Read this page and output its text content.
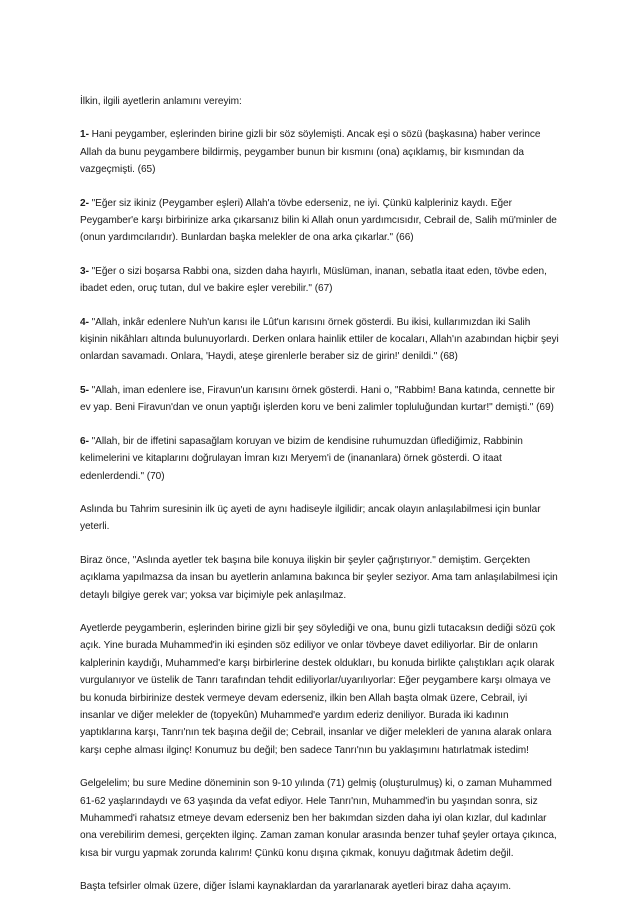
İlkin, ilgili ayetlerin anlamını vereyim:

1- Hani peygamber, eşlerinden birine gizli bir söz söylemişti. Ancak eşi o sözü (başkasına) haber verince Allah da bunu peygambere bildirmiş, peygamber bunun bir kısmını (ona) açıklamış, bir kısmından da vazgeçmişti. (65)

2- "Eğer siz ikiniz (Peygamber eşleri) Allah'a tövbe ederseniz, ne iyi. Çünkü kalpleriniz kaydı. Eğer Peygamber'e karşı birbirinize arka çıkarsanız bilin ki Allah onun yardımcısıdır, Cebrail de, Salih mü'minler de (onun yardımcılarıdır). Bunlardan başka melekler de ona arka çıkarlar." (66)

3- "Eğer o sizi boşarsa Rabbi ona, sizden daha hayırlı, Müslüman, inanan, sebatla itaat eden, tövbe eden, ibadet eden, oruç tutan, dul ve bakire eşler verebilir." (67)

4- "Allah, inkâr edenlere Nuh'un karısı ile Lût'un karısını örnek gösterdi. Bu ikisi, kullarımızdan iki Salih kişinin nikâhları altında bulunuyorlardı. Derken onlara hainlik ettiler de kocaları, Allah'ın azabından hiçbir şeyi onlardan savamadı. Onlara, 'Haydi, ateşe girenlerle beraber siz de girin!' denildi." (68)

5- "Allah, iman edenlere ise, Firavun'un karısını örnek gösterdi. Hani o, "Rabbim! Bana katında, cennette bir ev yap. Beni Firavun'dan ve onun yaptığı işlerden koru ve beni zalimler topluluğundan kurtar!" demişti." (69)

6- "Allah, bir de iffetini sapasağlam koruyan ve bizim de kendisine ruhumuzdan üflediğimiz, Rabbinin kelimelerini ve kitaplarını doğrulayan İmran kızı Meryem'i de (inananlara) örnek gösterdi. O itaat edenlerdendi." (70)

Aslında bu Tahrim suresinin ilk üç ayeti de aynı hadiseyle ilgilidir; ancak olayın anlaşılabilmesi için bunlar yeterli.

Biraz önce, "Aslında ayetler tek başına bile konuya ilişkin bir şeyler çağrıştırıyor." demiştim. Gerçekten açıklama yapılmazsa da insan bu ayetlerin anlamına bakınca bir şeyler seziyor. Ama tam anlaşılabilmesi için detaylı bilgiye gerek var; yoksa var biçimiyle pek anlaşılmaz.

Ayetlerde peygamberin, eşlerinden birine gizli bir şey söylediği ve ona, bunu gizli tutacaksın dediği sözü çok açık. Yine burada Muhammed'in iki eşinden söz ediliyor ve onlar tövbeye davet ediliyorlar. Bir de onların kalplerinin kaydığı, Muhammed'e karşı birbirlerine destek oldukları, bu konuda birlikte çalıştıkları açık olarak vurgulanıyor ve üstelik de Tanrı tarafından tehdit ediliyorlar/uyarılıyorlar: Eğer peygambere karşı olmaya ve bu konuda birbirinize destek vermeye devam ederseniz, ilkin ben Allah başta olmak üzere, Cebrail, iyi insanlar ve diğer melekler de (topyekûn) Muhammed'e yardım ederiz deniliyor. Burada iki kadının yaptıklarına karşı, Tanrı'nın tek başına değil de; Cebrail, insanlar ve diğer melekleri de yanına alarak onlara karşı cephe alması ilginç! Konumuz bu değil; ben sadece Tanrı'nın bu yaklaşımını hatırlatmak istedim!

Gelgelelim; bu sure Medine döneminin son 9-10 yılında (71) gelmiş (oluşturulmuş) ki, o zaman Muhammed 61-62 yaşlarındaydı ve 63 yaşında da vefat ediyor. Hele Tanrı'nın, Muhammed'in bu yaşından sonra, siz Muhammed'i rahatsız etmeye devam ederseniz ben her bakımdan sizden daha iyi olan kızlar, dul kadınlar ona verebilirim demesi, gerçekten ilginç. Zaman zaman konular arasında benzer tuhaf şeyler ortaya çıkınca, kısa bir vurgu yapmak zorunda kalırım! Çünkü konu dışına çıkmak, konuyu dağıtmak âdetim değil.

Başta tefsirler olmak üzere, diğer İslami kaynaklardan da yararlanarak ayetleri biraz daha açayım.
